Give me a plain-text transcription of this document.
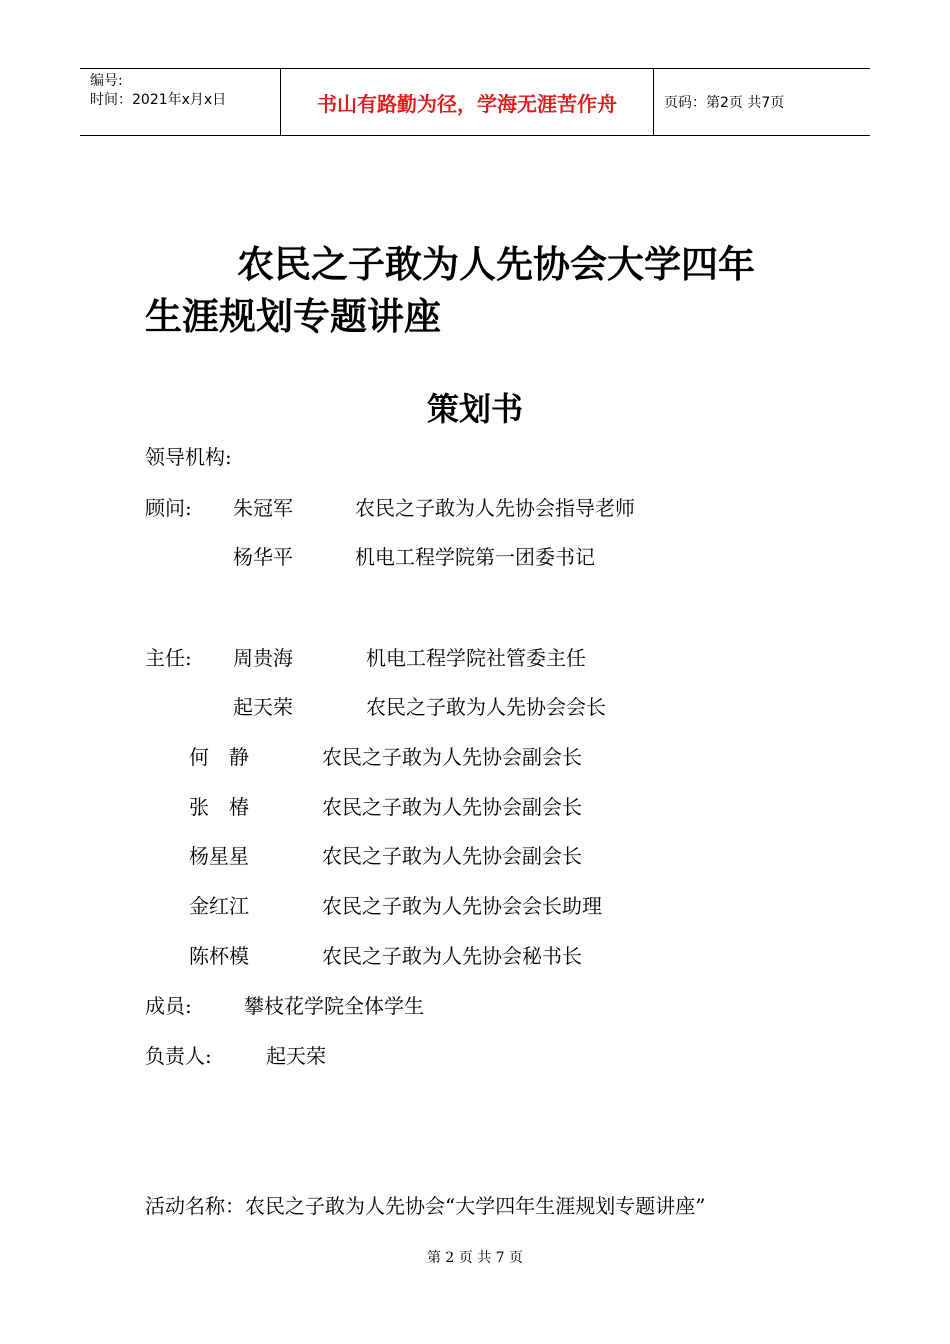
编号:
时间：2021年x月x日	书山有路勤为径，学海无涯苦作舟	页码：第2页 共7页
农民之子敢为人先协会大学四年
生涯规划专题讲座
策划书
领导机构:
顾问: 朱冠军	农民之子敢为人先协会指导老师
杨华平	机电工程学院第一团委书记
主任: 周贵海	机电工程学院社管委主任
起天荣	农民之子敢为人先协会会长
何　静	农民之子敢为人先协会副会长
张　椿	农民之子敢为人先协会副会长
杨星星	农民之子敢为人先协会副会长
金红江	农民之子敢为人先协会会长助理
陈杯模	农民之子敢为人先协会秘书长
成员:	攀枝花学院全体学生
负责人:	起天荣
活动名称：农民之子敢为人先协会“大学四年生涯规划专题讲座”
第 2 页 共 7 页
